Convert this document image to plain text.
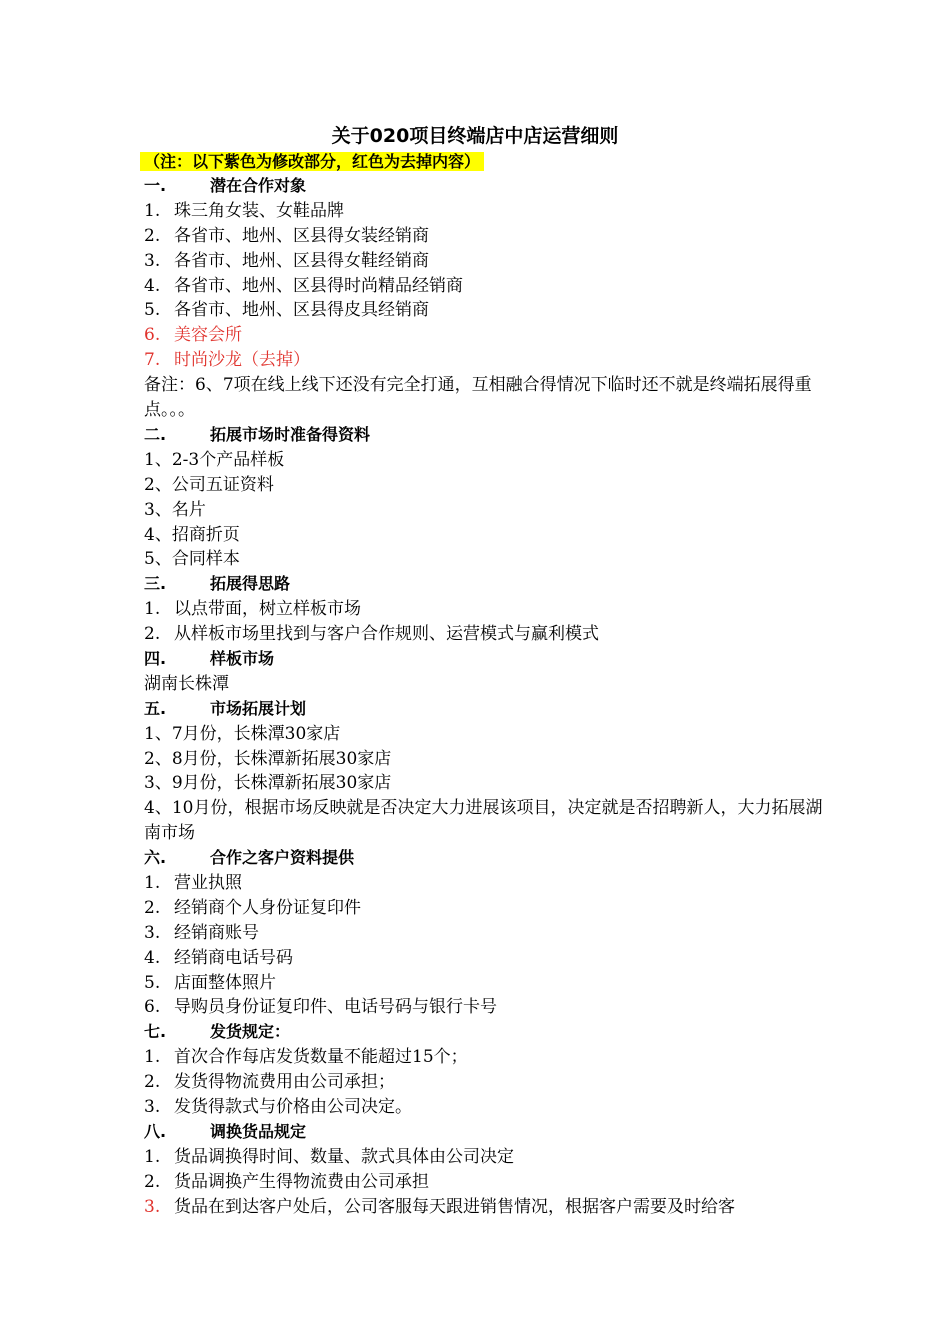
关于020项目终端店中店运营细则
（注：以下紫色为修改部分，红色为去掉内容）
一.	潜在合作对象
1. 珠三角女装、女鞋品牌
2. 各省市、地州、区县得女装经销商
3. 各省市、地州、区县得女鞋经销商
4. 各省市、地州、区县得时尚精品经销商
5. 各省市、地州、区县得皮具经销商
6. 美容会所
7. 时尚沙龙（去掉）
备注：6、7项在线上线下还没有完全打通，互相融合得情况下临时还不就是终端拓展得重点。。。
二.	拓展市场时准备得资料
1、2-3个产品样板
2、公司五证资料
3、名片
4、招商折页
5、合同样本
三.	拓展得思路
1. 以点带面，树立样板市场
2. 从样板市场里找到与客户合作规则、运营模式与赢利模式
四.	样板市场
湖南长株潭
五.	市场拓展计划
1、7月份，长株潭30家店
2、8月份，长株潭新拓展30家店
3、9月份，长株潭新拓展30家店
4、10月份，根据市场反映就是否决定大力进展该项目，决定就是否招聘新人，大力拓展湖南市场
六.	合作之客户资料提供
1. 营业执照
2. 经销商个人身份证复印件
3. 经销商账号
4. 经销商电话号码
5. 店面整体照片
6. 导购员身份证复印件、电话号码与银行卡号
七.	发货规定：
1. 首次合作每店发货数量不能超过15个；
2. 发货得物流费用由公司承担；
3. 发货得款式与价格由公司决定。
八.	调换货品规定
1. 货品调换得时间、数量、款式具体由公司决定
2. 货品调换产生得物流费由公司承担
3. 货品在到达客户处后，公司客服每天跟进销售情况，根据客户需要及时给客
